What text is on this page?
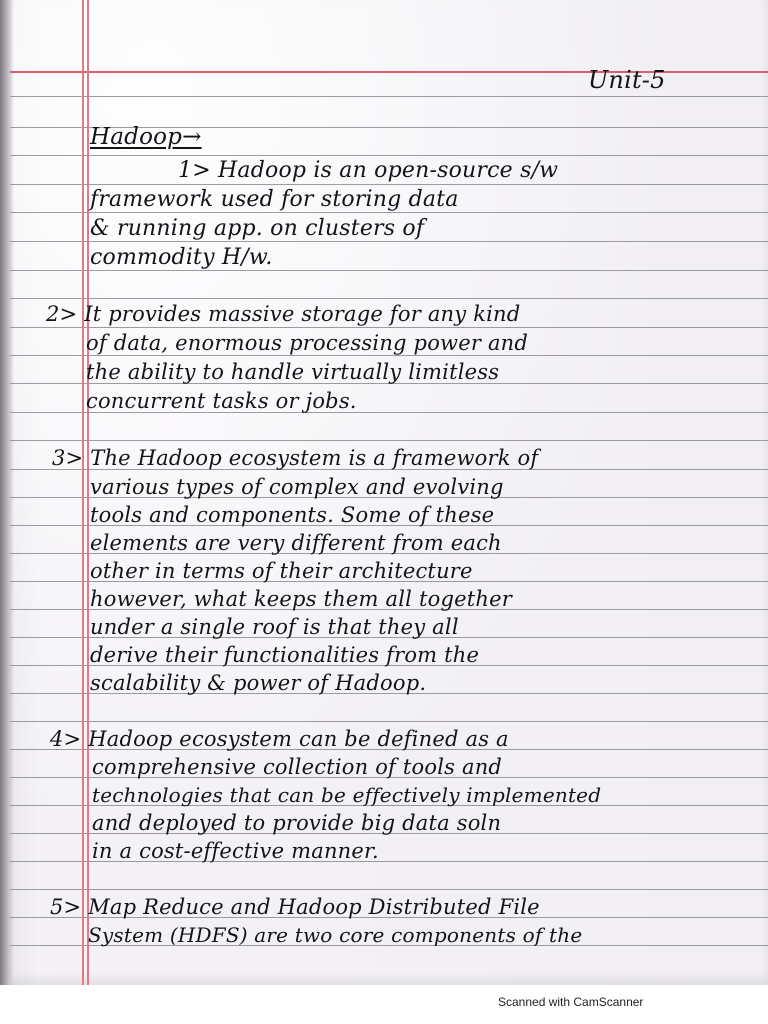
Unit-5
Hadoop→
1> Hadoop is an open-source s/w
framework used for storing data
& running app. on clusters of
commodity H/w.
2> It provides massive storage for any kind
of data, enormous processing power and
the ability to handle virtually limitless
concurrent tasks or jobs.
3> The Hadoop ecosystem is a framework of
various types of complex and evolving
tools and components. Some of these
elements are very different from each
other in terms of their architecture
however, what keeps them all together
under a single roof is that they all
derive their functionalities from the
scalability & power of Hadoop.
4> Hadoop ecosystem can be defined as a
comprehensive collection of tools and
technologies that can be effectively implemented
and deployed to provide big data soln
in a cost-effective manner.
5> Map Reduce and Hadoop Distributed File
System (HDFS) are two core components of the
Scanned with CamScanner
